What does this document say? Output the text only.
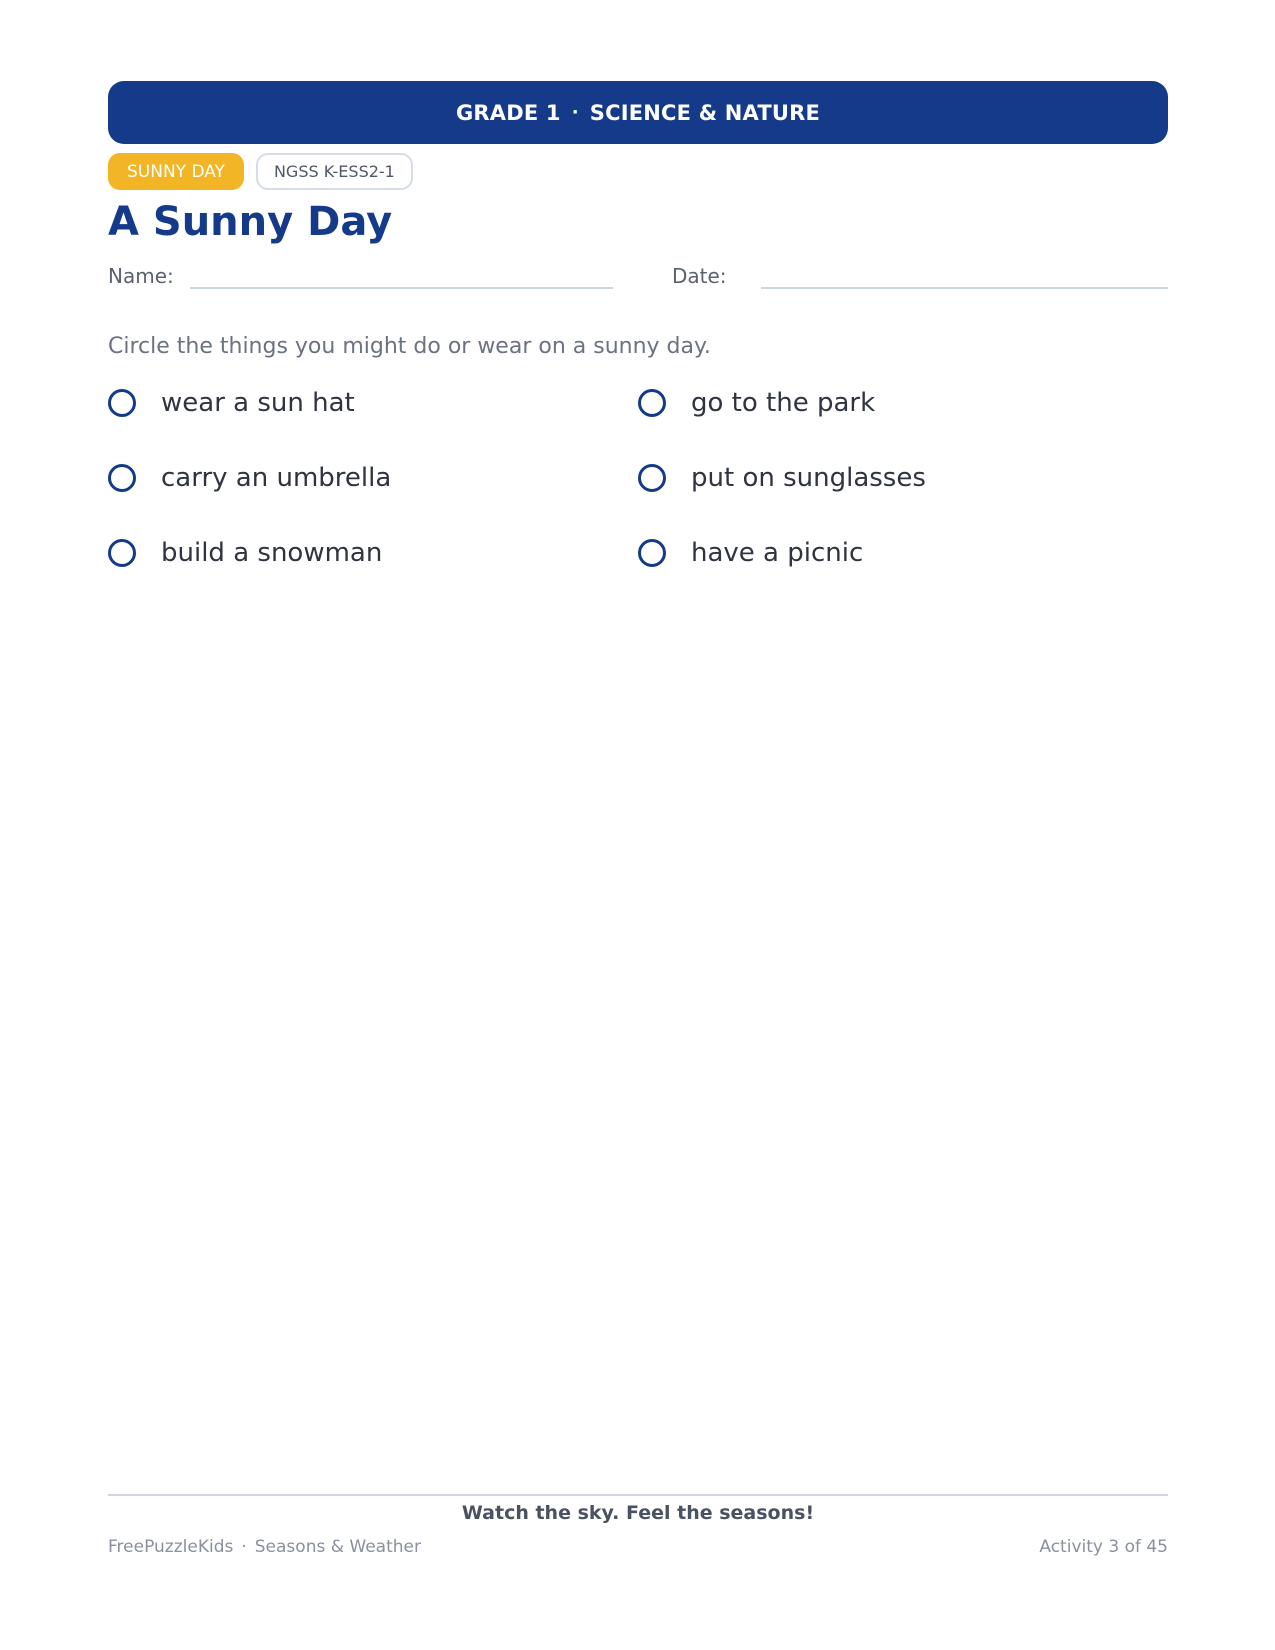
GRADE 1 · SCIENCE & NATURE
SUNNY DAY	NGSS K-ESS2-1
A Sunny Day
Name:	Date:

Circle the things you might do or wear on a sunny day.

wear a sun hat	go to the park
carry an umbrella	put on sunglasses
build a snowman	have a picnic
Watch the sky. Feel the seasons!
FreePuzzleKids · Seasons & Weather	Activity 3 of 45
